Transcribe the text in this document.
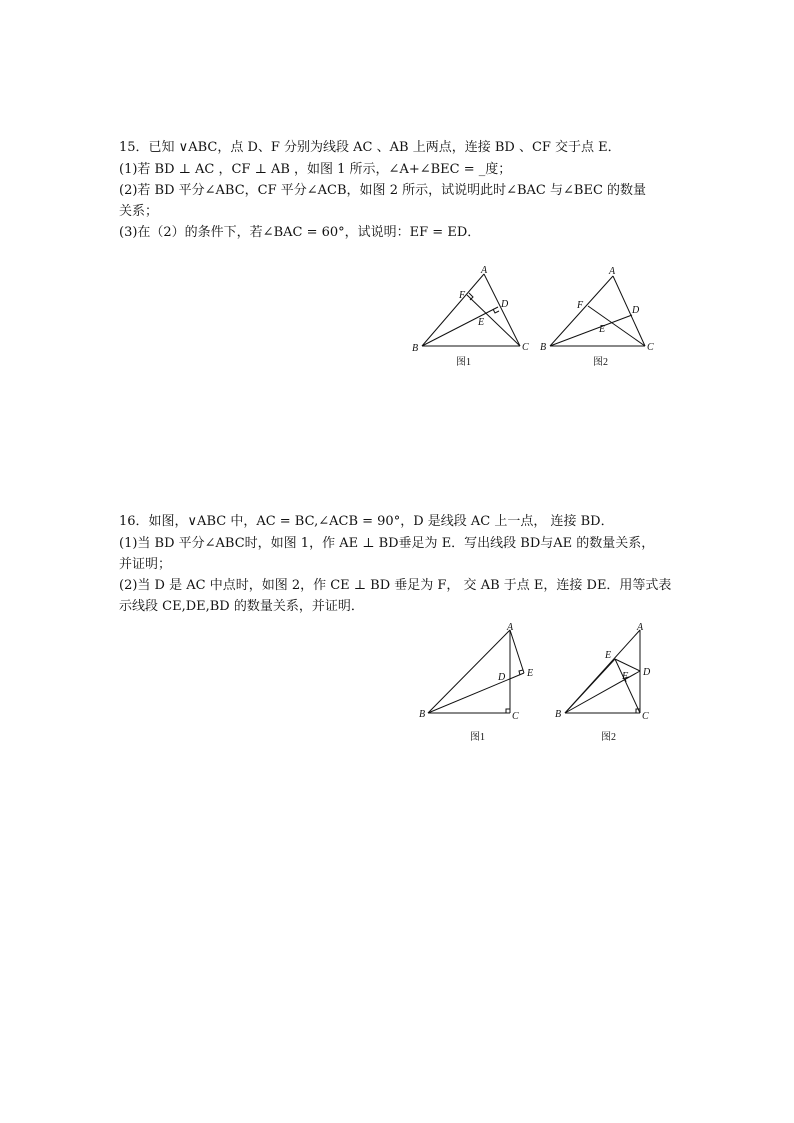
15．已知 ∨ABC，点 D、F 分别为线段 AC 、AB 上两点，连接 BD 、CF 交于点 E．
(1)若 BD ⊥ AC ，CF ⊥ AB ，如图 1 所示，∠A+∠BEC = _度；
(2)若 BD 平分∠ABC，CF 平分∠ACB，如图 2 所示，试说明此时∠BAC 与∠BEC 的数量
关系；
(3)在（2）的条件下，若∠BAC = 60°，试说明：EF = ED．
A
B	C
D
E
F
图1
A
B	C
D
E
F
图2
16．如图，∨ABC 中，AC = BC,∠ACB = 90°，D 是线段 AC 上一点， 连接 BD．
(1)当 BD 平分∠ABC时，如图 1，作 AE ⊥ BD垂足为 E．写出线段 BD与AE 的数量关系，
并证明；
(2)当 D 是 AC 中点时，如图 2，作 CE ⊥ BD 垂足为 F， 交 AB 于点 E，连接 DE．用等式表
示线段 CE,DE,BD 的数量关系，并证明．
A
B	C
D E
图1
A
B	C
D
E
F
图2
